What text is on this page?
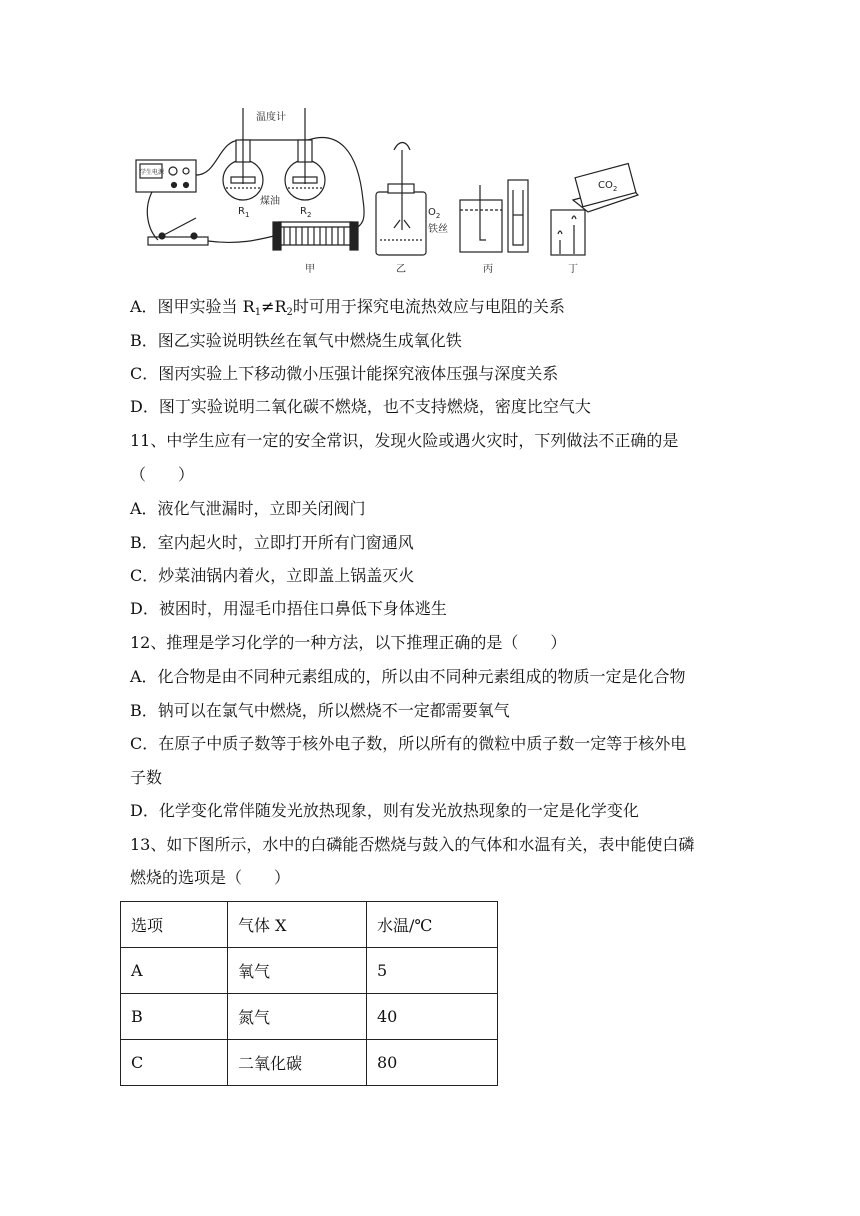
学生电源
温度计
煤油
$R_1$	$R_2$
甲
$O_2$
铁丝
乙	丙
$CO_2$
丁
A．图甲实验当 $R_1\ne R_2$时可用于探究电流热效应与电阻的关系
B．图乙实验说明铁丝在氧气中燃烧生成氧化铁
C．图丙实验上下移动微小压强计能探究液体压强与深度关系
D．图丁实验说明二氧化碳不燃烧，也不支持燃烧，密度比空气大
11、中学生应有一定的安全常识，发现火险或遇火灾时，下列做法不正确的是
（　　）
A．液化气泄漏时，立即关闭阀门
B．室内起火时，立即打开所有门窗通风
C．炒菜油锅内着火，立即盖上锅盖灭火
D．被困时，用湿毛巾捂住口鼻低下身体逃生
12、推理是学习化学的一种方法，以下推理正确的是（　　）
A．化合物是由不同种元素组成的，所以由不同种元素组成的物质一定是化合物
B．钠可以在氯气中燃烧，所以燃烧不一定都需要氧气
C．在原子中质子数等于核外电子数，所以所有的微粒中质子数一定等于核外电
子数
D．化学变化常伴随发光放热现象，则有发光放热现象的一定是化学变化
13、如下图所示，水中的白磷能否燃烧与鼓入的气体和水温有关，表中能使白磷
燃烧的选项是（　　）
选项	气体 X	水温/℃
A	氧气	5
B	氮气	40
C	二氧化碳	80
